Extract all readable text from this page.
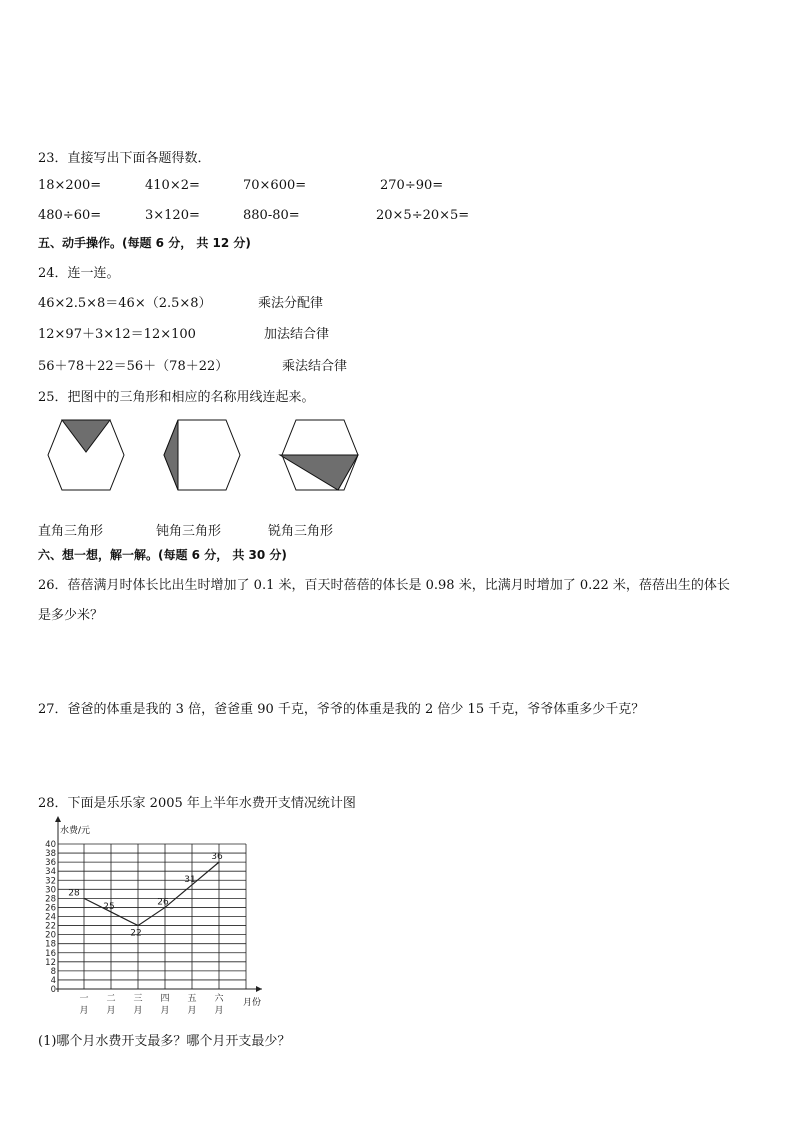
23．直接写出下面各题得数．
18×200=	410×2=	70×600=	270÷90=
480÷60=	3×120=	880-80=	20×5÷20×5=
五、动手操作。(每题 6 分， 共 12 分)
24．连一连。
46×2.5×8＝46×（2.5×8）	乘法分配律
12×97＋3×12＝12×100	加法结合律
56＋78＋22＝56＋（78＋22）	乘法结合律
25．把图中的三角形和相应的名称用线连起来。
直角三角形	钝角三角形	锐角三角形
六、想一想，解一解。(每题 6 分， 共 30 分)
26．蓓蓓满月时体长比出生时增加了 0.1 米，百天时蓓蓓的体长是 0.98 米，比满月时增加了 0.22 米，蓓蓓出生的体长
是多少米？
27．爸爸的体重是我的 3 倍，爸爸重 90 千克，爷爷的体重是我的 2 倍少 15 千克，爷爷体重多少千克？
28．下面是乐乐家 2005 年上半年水费开支情况统计图
0
4
8
12
16
18
20
22
24
26
28
30
32
34
36
38
40
一
月
二
月
三
月
四
月
五
月
六
月
28
25
22
26
31
36
水费/元
月份
(1)哪个月水费开支最多？哪个月开支最少？
